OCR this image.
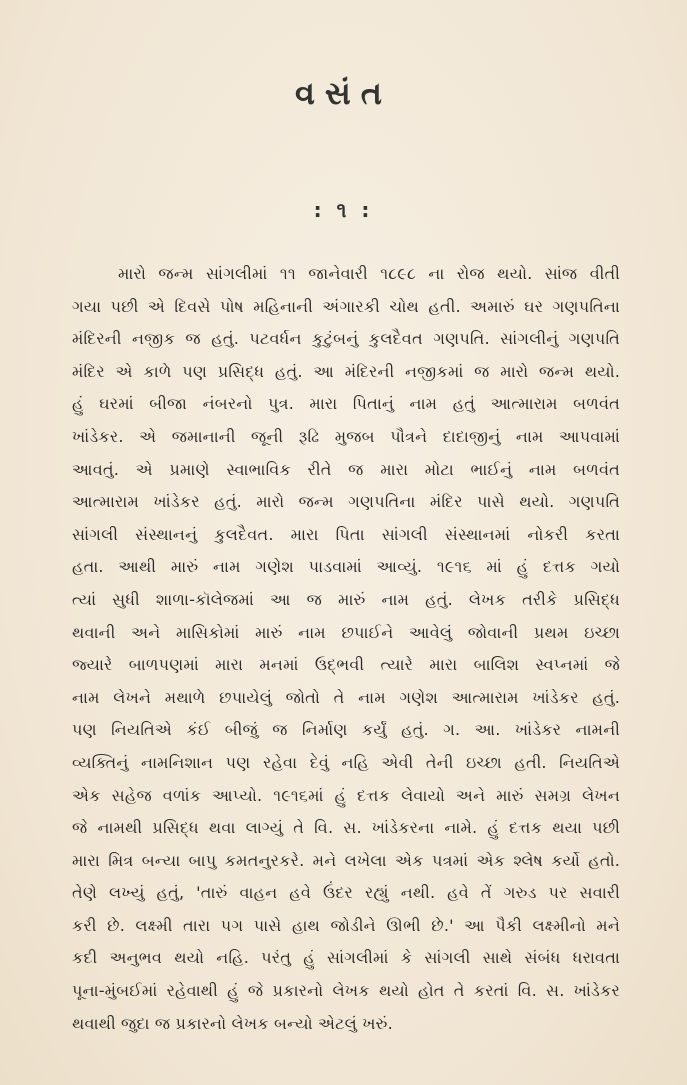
વસંત
: ૧ :
મારો જન્મ સાંગલીમાં ૧૧ જાનેવારી ૧૮૯૮ ના રોજ થયો. સાંજ વીતી
ગયા પછી એ દિવસે પોષ મહિનાની અંગારકી ચોથ હતી. અમારું ઘર ગણપતિના
મંદિરની નજીક જ હતું. પટવર્ધન કુટુંબનું કુલદૈવત ગણપતિ. સાંગલીનું ગણપતિ
મંદિર એ કાળે પણ પ્રસિદ્ધ હતું. આ મંદિરની નજીકમાં જ મારો જન્મ થયો.
હું ઘરમાં બીજા નંબરનો પુત્ર. મારા પિતાનું નામ હતું આત્મારામ બળવંત
ખાંડેકર. એ જમાનાની જૂની રૂઢિ મુજબ પૌત્રને દાદાજીનું નામ આપવામાં
આવતું. એ પ્રમાણે સ્વાભાવિક રીતે જ મારા મોટા ભાઈનું નામ બળવંત
આત્મારામ ખાંડેકર હતું. મારો જન્મ ગણપતિના મંદિર પાસે થયો. ગણપતિ
સાંગલી સંસ્થાનનું કુલદૈવત. મારા પિતા સાંગલી સંસ્થાનમાં નોકરી કરતા
હતા. આથી મારું નામ ગણેશ પાડવામાં આવ્યું. ૧૯૧૬ માં હું દત્તક ગયો
ત્યાં સુધી શાળા-કૉલેજમાં આ જ મારું નામ હતું. લેખક તરીકે પ્રસિદ્ધ
થવાની અને માસિકોમાં મારું નામ છપાઈને આવેલું જોવાની પ્રથમ ઇચ્છા
જ્યારે બાળપણમાં મારા મનમાં ઉદ્ભવી ત્યારે મારા બાલિશ સ્વપ્નમાં જે
નામ લેખને મથાળે છપાયેલું જોતો તે નામ ગણેશ આત્મારામ ખાંડેકર હતું.
પણ નિયતિએ કંઈ બીજું જ નિર્માણ કર્યું હતું. ગ. આ. ખાંડેકર નામની
વ્યક્તિનું નામનિશાન પણ રહેવા દેવું નહિ એવી તેની ઇચ્છા હતી. નિયતિએ
એક સહેજ વળાંક આપ્યો. ૧૯૧૬માં હું દત્તક લેવાયો અને મારું સમગ્ર લેખન
જે નામથી પ્રસિદ્ધ થવા લાગ્યું તે વિ. સ. ખાંડેકરના નામે. હું દત્તક થયા પછી
મારા મિત્ર બન્યા બાપુ કમતનુરકરે. મને લખેલા એક પત્રમાં એક શ્લેષ કર્યો હતો.
તેણે લખ્યું હતું, 'તારું વાહન હવે ઉંદર રહ્યું નથી. હવે તેં ગરુડ પર સવારી
કરી છે. લક્ષ્મી તારા પગ પાસે હાથ જોડીને ઊભી છે.' આ પૈકી લક્ષ્મીનો મને
કદી અનુભવ થયો નહિ. પરંતુ હું સાંગલીમાં કે સાંગલી સાથે સંબંધ ધરાવતા
પૂના-મુંબઈમાં રહેવાથી હું જે પ્રકારનો લેખક થયો હોત તે કરતાં વિ. સ. ખાંડેકર
થવાથી જુદા જ પ્રકારનો લેખક બન્યો એટલું ખરું.
